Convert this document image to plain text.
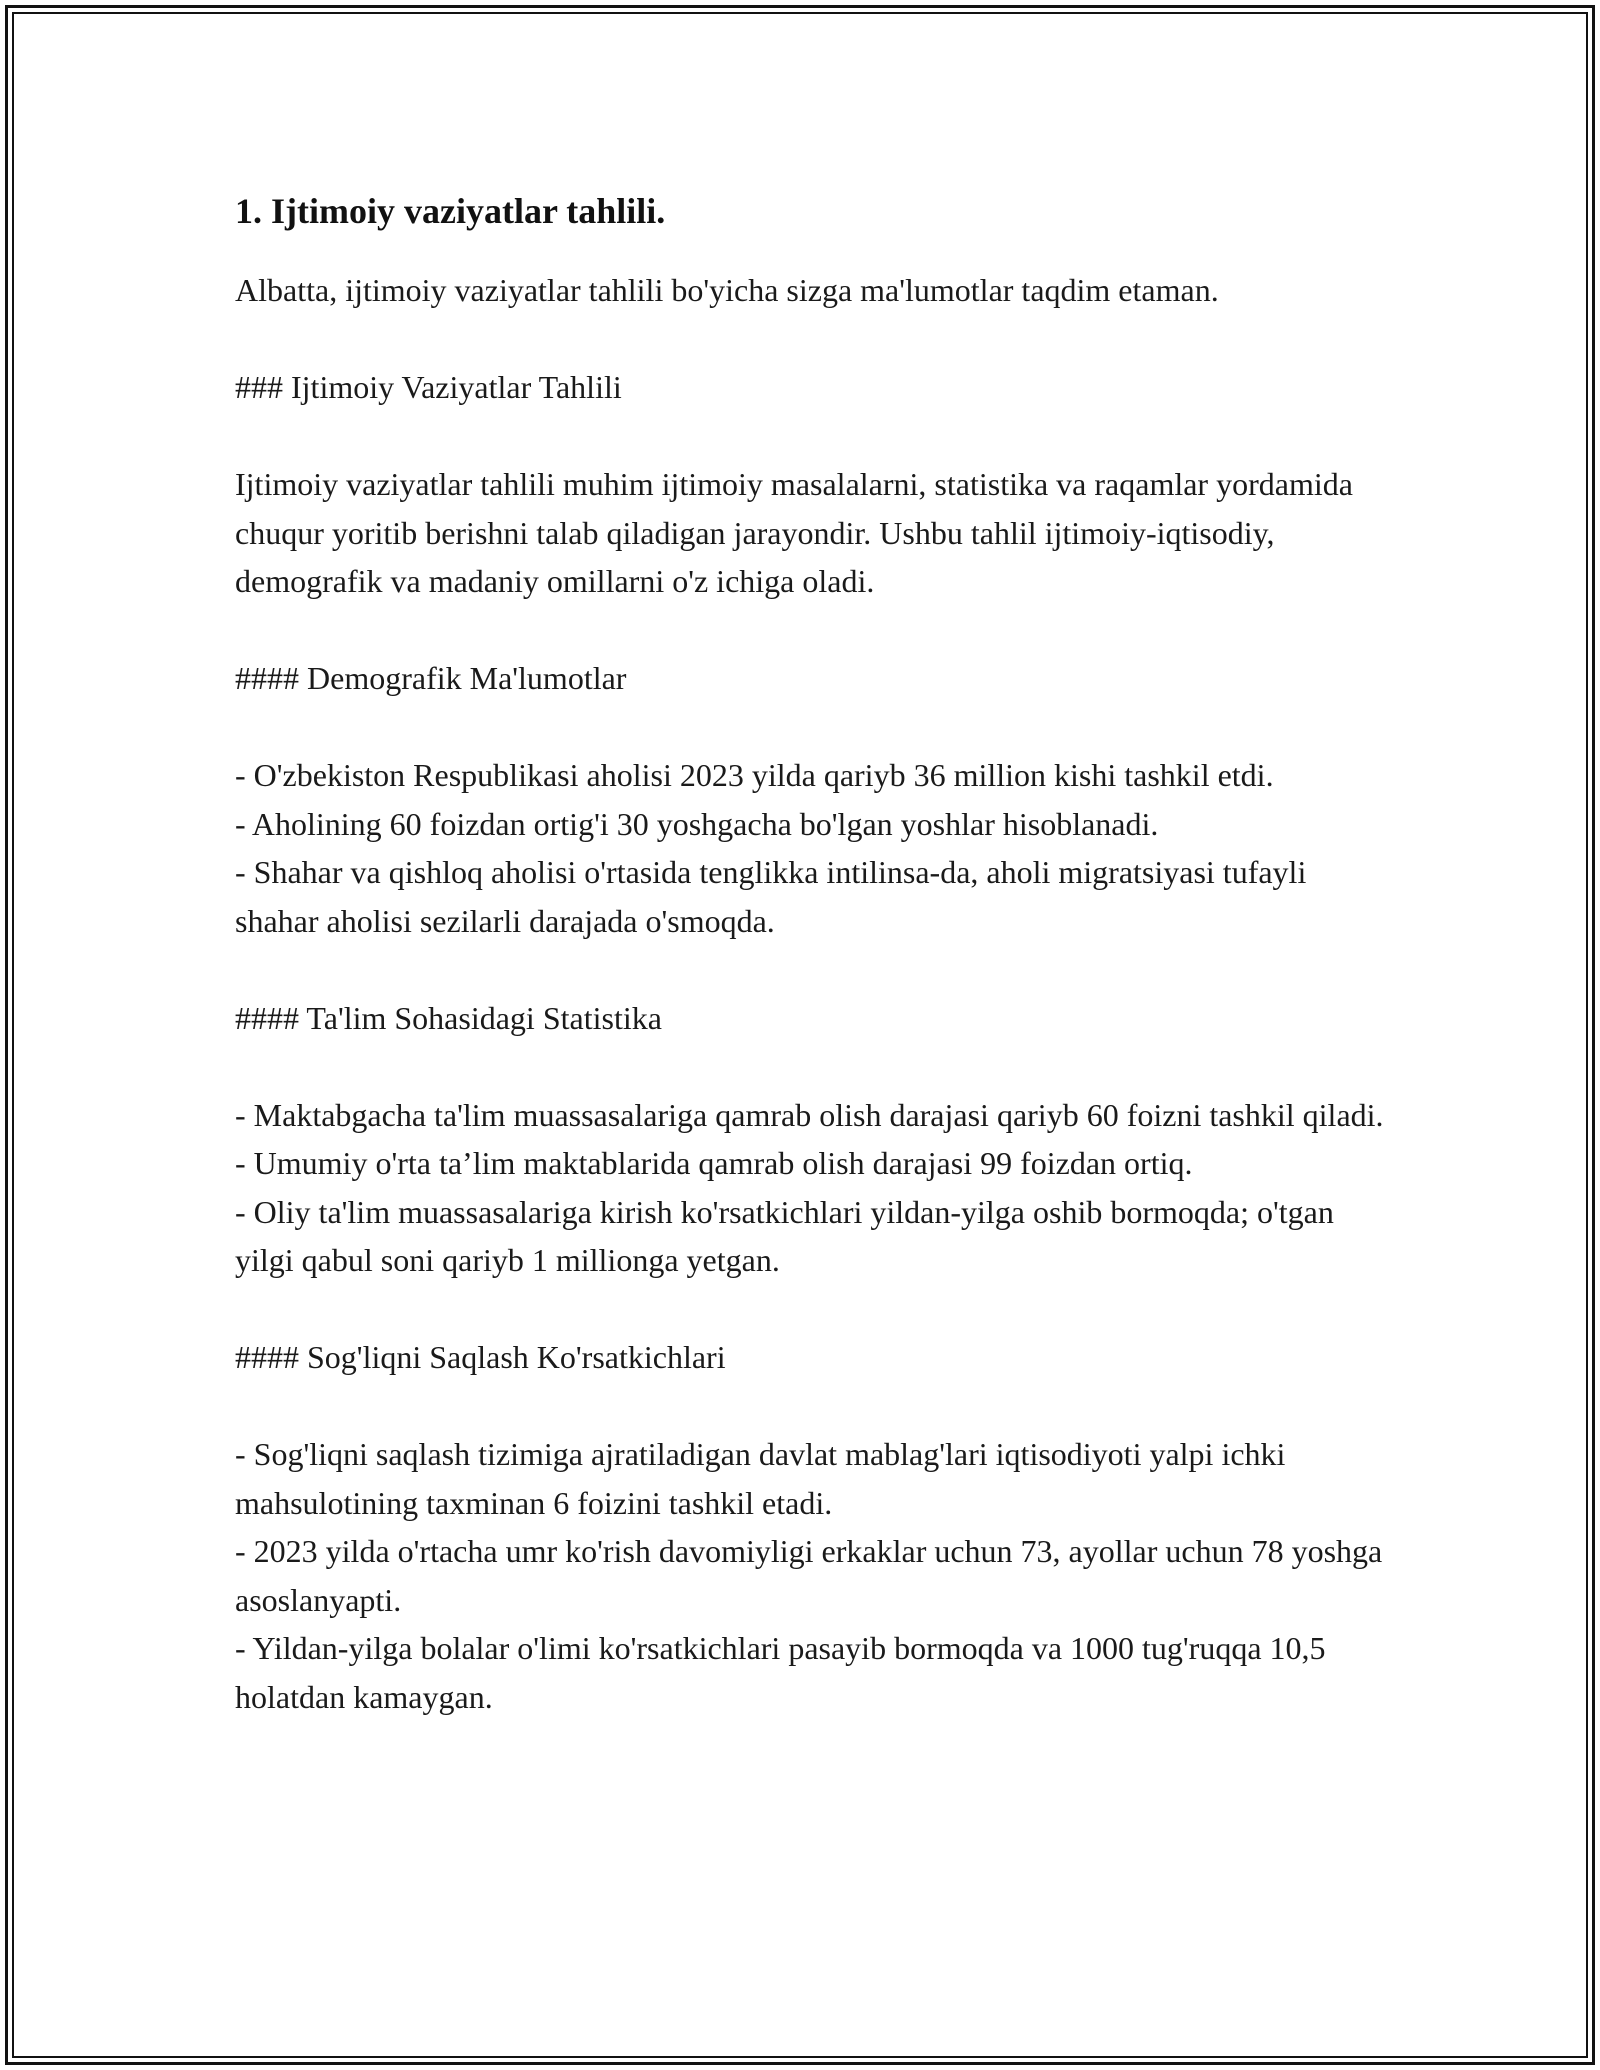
1. Ijtimoiy vaziyatlar tahlili.

Albatta, ijtimoiy vaziyatlar tahlili bo'yicha sizga ma'lumotlar taqdim etaman.

### Ijtimoiy Vaziyatlar Tahlili

Ijtimoiy vaziyatlar tahlili muhim ijtimoiy masalalarni, statistika va raqamlar yordamida chuqur yoritib berishni talab qiladigan jarayondir. Ushbu tahlil ijtimoiy-iqtisodiy, demografik va madaniy omillarni o'z ichiga oladi.

#### Demografik Ma'lumotlar

- O'zbekiston Respublikasi aholisi 2023 yilda qariyb 36 million kishi tashkil etdi.

- Aholining 60 foizdan ortig'i 30 yoshgacha bo'lgan yoshlar hisoblanadi.

- Shahar va qishloq aholisi o'rtasida tenglikka intilinsa-da, aholi migratsiyasi tufayli shahar aholisi sezilarli darajada o'smoqda.

#### Ta'lim Sohasidagi Statistika

- Maktabgacha ta'lim muassasalariga qamrab olish darajasi qariyb 60 foizni tashkil qiladi.

- Umumiy o'rta ta’lim maktablarida qamrab olish darajasi 99 foizdan ortiq.

- Oliy ta'lim muassasalariga kirish ko'rsatkichlari yildan-yilga oshib bormoqda; o'tgan yilgi qabul soni qariyb 1 millionga yetgan.

#### Sog'liqni Saqlash Ko'rsatkichlari

- Sog'liqni saqlash tizimiga ajratiladigan davlat mablag'lari iqtisodiyoti yalpi ichki mahsulotining taxminan 6 foizini tashkil etadi.

- 2023 yilda o'rtacha umr ko'rish davomiyligi erkaklar uchun 73, ayollar uchun 78 yoshga asoslanyapti.

- Yildan-yilga bolalar o'limi ko'rsatkichlari pasayib bormoqda va 1000 tug'ruqqa 10,5 holatdan kamaygan.
